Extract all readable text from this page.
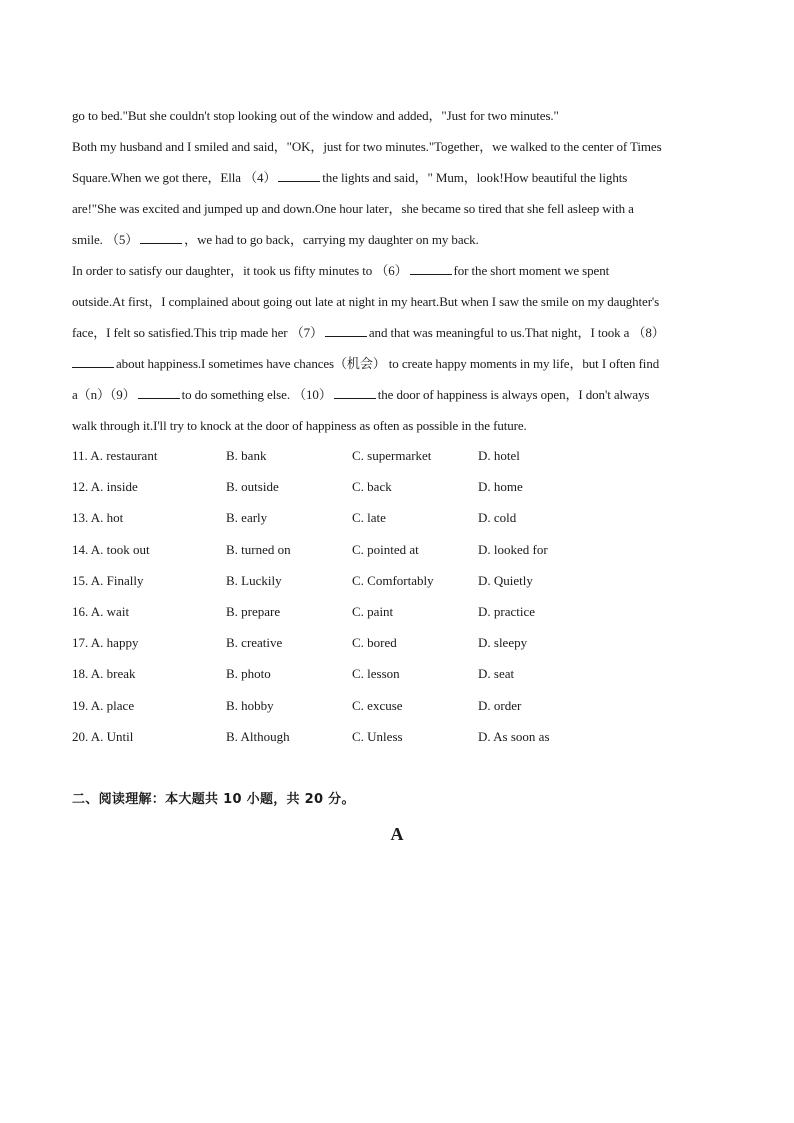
go to bed."But she couldn't stop looking out of the window and added，"Just for two minutes."

Both my husband and I smiled and said，"OK，just for two minutes."Together，we walked to the center of Times

Square.When we got there，Ella （4）	the lights and said，" Mum，look!How beautiful the lights

are!"She was excited and jumped up and down.One hour later，she became so tired that she fell asleep with a

smile. （5）	，we had to go back，carrying my daughter on my back.

In order to satisfy our daughter，it took us fifty minutes to （6）	for the short moment we spent

outside.At first，I complained about going out late at night in my heart.But when I saw the smile on my daughter's

face，I felt so satisfied.This trip made her （7）	and that was meaningful to us.That night，I took a （8）

about happiness.I sometimes have chances（机会） to create happy moments in my life，but I often find

a（n）（9）	to do something else. （10）	the door of happiness is always open，I don't always

walk through it.I'll try to knock at the door of happiness as often as possible in the future.

11. A. restaurant	B. bank	C. supermarket	D. hotel
12. A. inside	B. outside	C. back	D. home
13. A. hot	B. early	C. late	D. cold
14. A. took out	B. turned on	C. pointed at	D. looked for
15. A. Finally	B. Luckily	C. Comfortably	D. Quietly
16. A. wait	B. prepare	C. paint	D. practice
17. A. happy	B. creative	C. bored	D. sleepy
18. A. break	B. photo	C. lesson	D. seat
19. A. place	B. hobby	C. excuse	D. order
20. A. Until	B. Although	C. Unless	D. As soon as
二、阅读理解：本大题共 10 小题，共 20 分。
A
